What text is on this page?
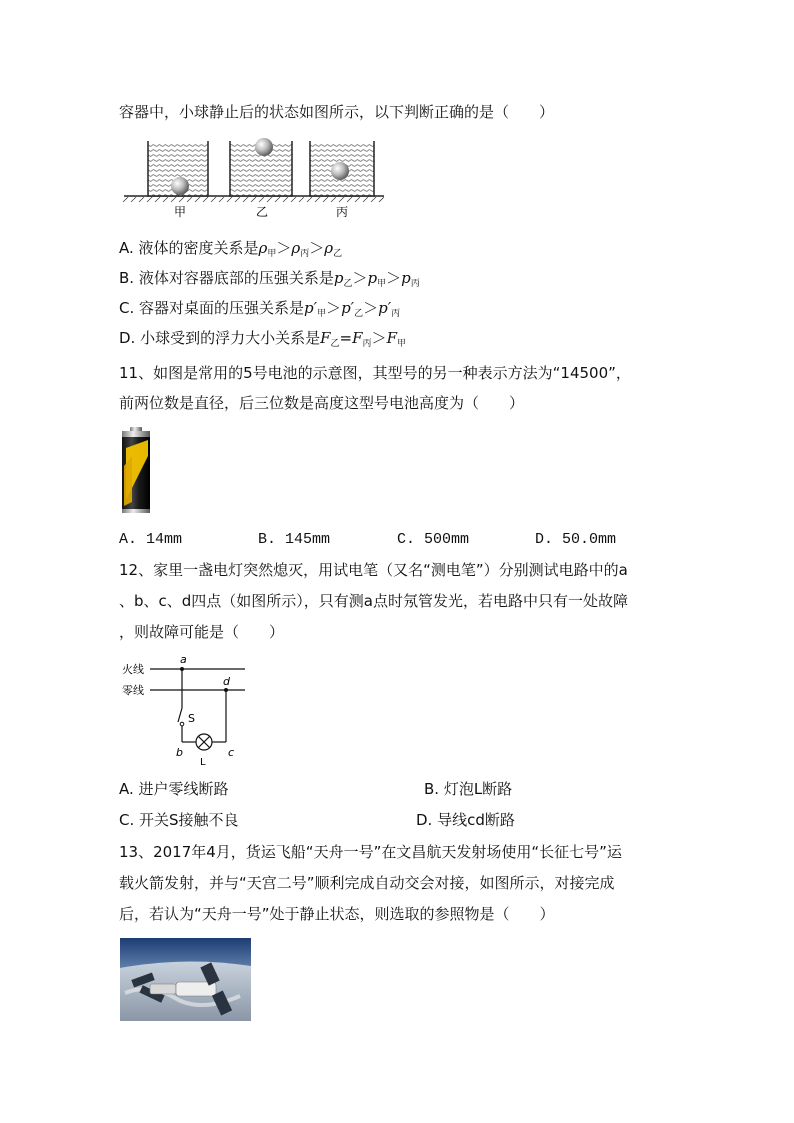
容器中，小球静止后的状态如图所示，以下判断正确的是（　　）
甲	乙	丙
A. 液体的密度关系是$\rho_甲>\rho_丙>\rho_乙$
B. 液体对容器底部的压强关系是$p_乙>p_甲>p_丙$
C. 容器对桌面的压强关系是$p'_甲>p'_乙>p'_丙$
D. 小球受到的浮力大小关系是$F_乙=F_丙>F_甲$
11、如图是常用的5号电池的示意图，其型号的另一种表示方法为“14500”，
前两位数是直径，后三位数是高度这型号电池高度为（　　）
A. 14mm	B. 145mm	C. 500mm	D. 50.0mm
12、家里一盏电灯突然熄灭，用试电笔（又名“测电笔”）分别测试电路中的a
、b、c、d四点（如图所示），只有测a点时氖管发光，若电路中只有一处故障
，则故障可能是（　　）
火线
零线
a
d
S
b	c
L
A. 进户零线断路	B. 灯泡L断路
C. 开关S接触不良	D. 导线cd断路
13、2017年4月，货运飞船“天舟一号”在文昌航天发射场使用“长征七号”运
载火箭发射，并与“天宫二号”顺利完成自动交会对接，如图所示，对接完成
后，若认为“天舟一号”处于静止状态，则选取的参照物是（　　）
